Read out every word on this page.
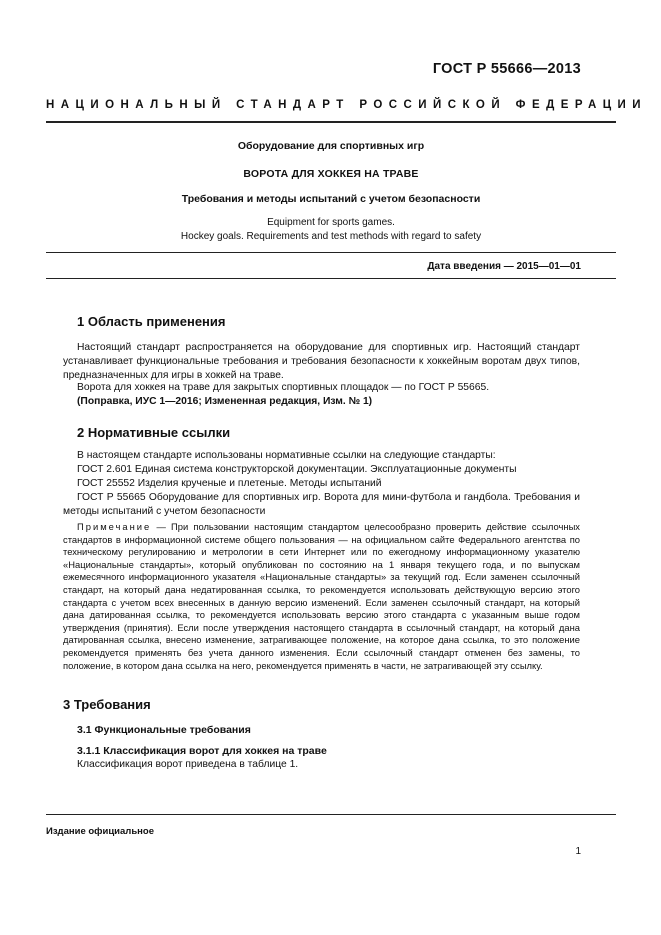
ГОСТ Р 55666—2013
НАЦИОНАЛЬНЫЙ СТАНДАРТ РОССИЙСКОЙ ФЕДЕРАЦИИ
Оборудование для спортивных игр
ВОРОТА ДЛЯ ХОККЕЯ НА ТРАВЕ
Требования и методы испытаний с учетом безопасности
Equipment for sports games.
Hockey goals. Requirements and test methods with regard to safety
Дата введения — 2015—01—01
1 Область применения
Настоящий стандарт распространяется на оборудование для спортивных игр. Настоящий стандарт устанавливает функциональные требования и требования безопасности к хоккейным воротам двух типов, предназначенных для игры в хоккей на траве.
Ворота для хоккея на траве для закрытых спортивных площадок — по ГОСТ Р 55665.
(Поправка, ИУС 1—2016; Измененная редакция, Изм. № 1)
2 Нормативные ссылки
В настоящем стандарте использованы нормативные ссылки на следующие стандарты:
ГОСТ 2.601 Единая система конструкторской документации. Эксплуатационные документы
ГОСТ 25552 Изделия крученые и плетеные. Методы испытаний
ГОСТ Р 55665 Оборудование для спортивных игр. Ворота для мини-футбола и гандбола. Требования и методы испытаний с учетом безопасности
Примечание — При пользовании настоящим стандартом целесообразно проверить действие ссылочных стандартов в информационной системе общего пользования — на официальном сайте Федерального агентства по техническому регулированию и метрологии в сети Интернет или по ежегодному информационному указателю «Национальные стандарты», который опубликован по состоянию на 1 января текущего года, и по выпускам ежемесячного информационного указателя «Национальные стандарты» за текущий год. Если заменен ссылочный стандарт, на который дана недатированная ссылка, то рекомендуется использовать действующую версию этого стандарта с учетом всех внесенных в данную версию изменений. Если заменен ссылочный стандарт, на который дана датированная ссылка, то рекомендуется использовать версию этого стандарта с указанным выше годом утверждения (принятия). Если после утверждения настоящего стандарта в ссылочный стандарт, на который дана датированная ссылка, внесено изменение, затрагивающее положение, на которое дана ссылка, то это положение рекомендуется применять без учета данного изменения. Если ссылочный стандарт отменен без замены, то положение, в котором дана ссылка на него, рекомендуется применять в части, не затрагивающей эту ссылку.
3 Требования
3.1 Функциональные требования
3.1.1 Классификация ворот для хоккея на траве
Классификация ворот приведена в таблице 1.
Издание официальное
1
